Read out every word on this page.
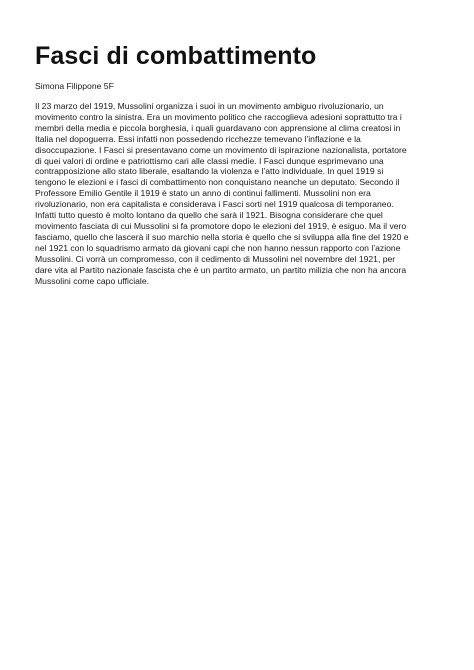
Fasci di combattimento

Simona Filippone 5F

Il 23 marzo del 1919, Mussolini organizza i suoi in un movimento ambiguo rivoluzionario, un
movimento contro la sinistra. Era un movimento politico che raccoglieva adesioni soprattutto tra i
membri della media e piccola borghesia, i quali guardavano con apprensione al clima creatosi in
Italia nel dopoguerra. Essi infatti non possedendo ricchezze temevano l’inflazione e la
disoccupazione. I Fasci si presentavano come un movimento di ispirazione nazionalista, portatore
di quei valori di ordine e patriottismo cari alle classi medie. I Fasci dunque esprimevano una
contrapposizione allo stato liberale, esaltando la violenza e l’atto individuale. In quel 1919 si
tengono le elezioni e i fasci di combattimento non conquistano neanche un deputato. Secondo il
Professore Emilio Gentile il 1919 è stato un anno di continui fallimenti. Mussolini non era
rivoluzionario, non era capitalista e considerava i Fasci sorti nel 1919 qualcosa di temporaneo.
Infatti tutto questo è molto lontano da quello che sarà il 1921. Bisogna considerare che quel
movimento fasciata di cui Mussolini si fa promotore dopo le elezioni del 1919, è esiguo. Ma il vero
fasciamo, quello che lascerà il suo marchio nella storia è quello che si sviluppa alla fine del 1920 e
nel 1921 con lo squadrismo armato da giovani capi che non hanno nessun rapporto con l’azione
Mussolini. Ci vorrà un compromesso, con il cedimento di Mussolini nel novembre del 1921, per
dare vita al Partito nazionale fascista che è un partito armato, un partito milizia che non ha ancora
Mussolini come capo ufficiale.
